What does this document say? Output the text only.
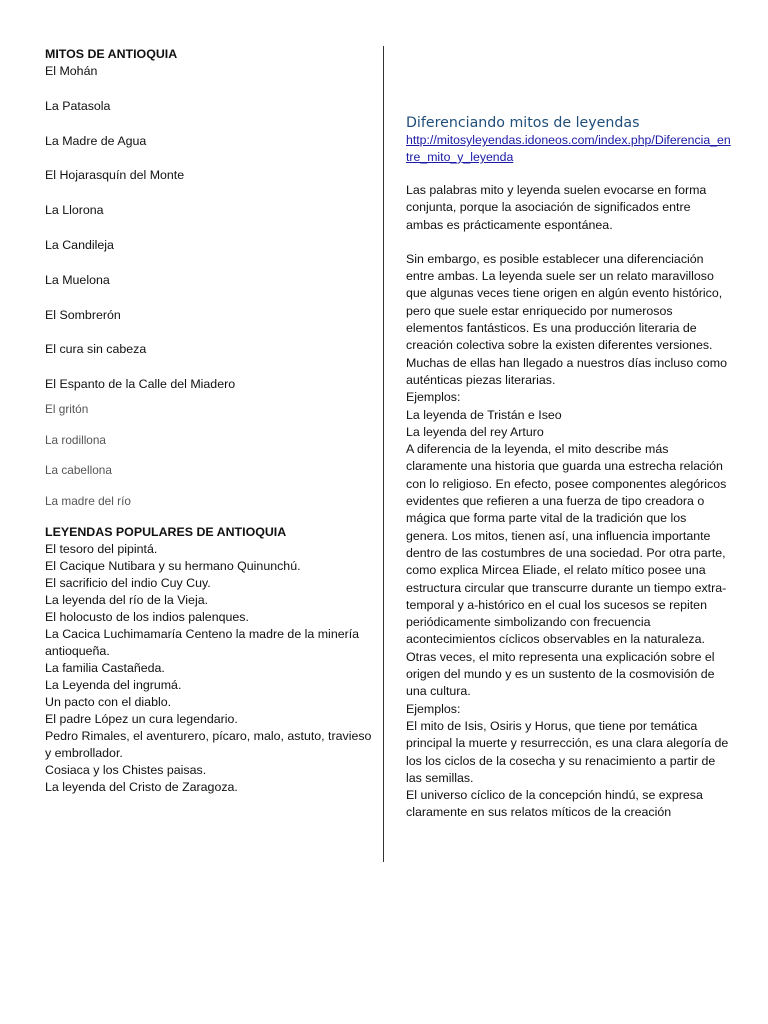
MITOS DE ANTIOQUIA
El Mohán
La Patasola
La Madre de Agua
El Hojarasquín del Monte
La Llorona
La Candileja
La Muelona
El Sombrerón
El cura sin cabeza
El Espanto de la Calle del Miadero
El gritón
La rodillona
La cabellona
La madre del río
LEYENDAS POPULARES DE ANTIOQUIA
El tesoro del pipintá.
El Cacique Nutibara y su hermano Quinunchú.
El sacrificio del indio Cuy Cuy.
La leyenda del río de la Vieja.
El holocusto de los indios palenques.
La Cacica Luchimamaría Centeno la madre de la minería antioqueña.
La familia Castañeda.
La Leyenda del ingrumá.
Un pacto con el diablo.
El padre López un cura legendario.
Pedro Rimales, el aventurero, pícaro, malo, astuto, travieso y embrollador.
Cosiaca y los Chistes paisas.
La leyenda del Cristo de Zaragoza.
Diferenciando mitos de leyendas
http://mitosyleyendas.idoneos.com/index.php/Diferencia_entre_mito_y_leyenda

Las palabras mito y leyenda suelen evocarse en forma conjunta, porque la asociación de significados entre ambas es prácticamente espontánea.

Sin embargo, es posible establecer una diferenciación entre ambas. La leyenda suele ser un relato maravilloso que algunas veces tiene origen en algún evento histórico, pero que suele estar enriquecido por numerosos elementos fantásticos. Es una producción literaria de creación colectiva sobre la existen diferentes versiones. Muchas de ellas han llegado a nuestros días incluso como auténticas piezas literarias.

Ejemplos:
La leyenda de Tristán e Iseo
La leyenda del rey Arturo

A diferencia de la leyenda, el mito describe más claramente una historia que guarda una estrecha relación con lo religioso. En efecto, posee componentes alegóricos evidentes que refieren a una fuerza de tipo creadora o mágica que forma parte vital de la tradición que los genera. Los mitos, tienen así, una influencia importante dentro de las costumbres de una sociedad. Por otra parte, como explica Mircea Eliade, el relato mítico posee una estructura circular que transcurre durante un tiempo extra-temporal y a-histórico en el cual los sucesos se repiten periódicamente simbolizando con frecuencia acontecimientos cíclicos observables en la naturaleza. Otras veces, el mito representa una explicación sobre el origen del mundo y es un sustento de la cosmovisión de una cultura.

Ejemplos:
El mito de Isis, Osiris y Horus, que tiene por temática principal la muerte y resurrección, es una clara alegoría de los los ciclos de la cosecha y su renacimiento a partir de las semillas.
El universo cíclico de la concepción hindú, se expresa claramente en sus relatos míticos de la creación
